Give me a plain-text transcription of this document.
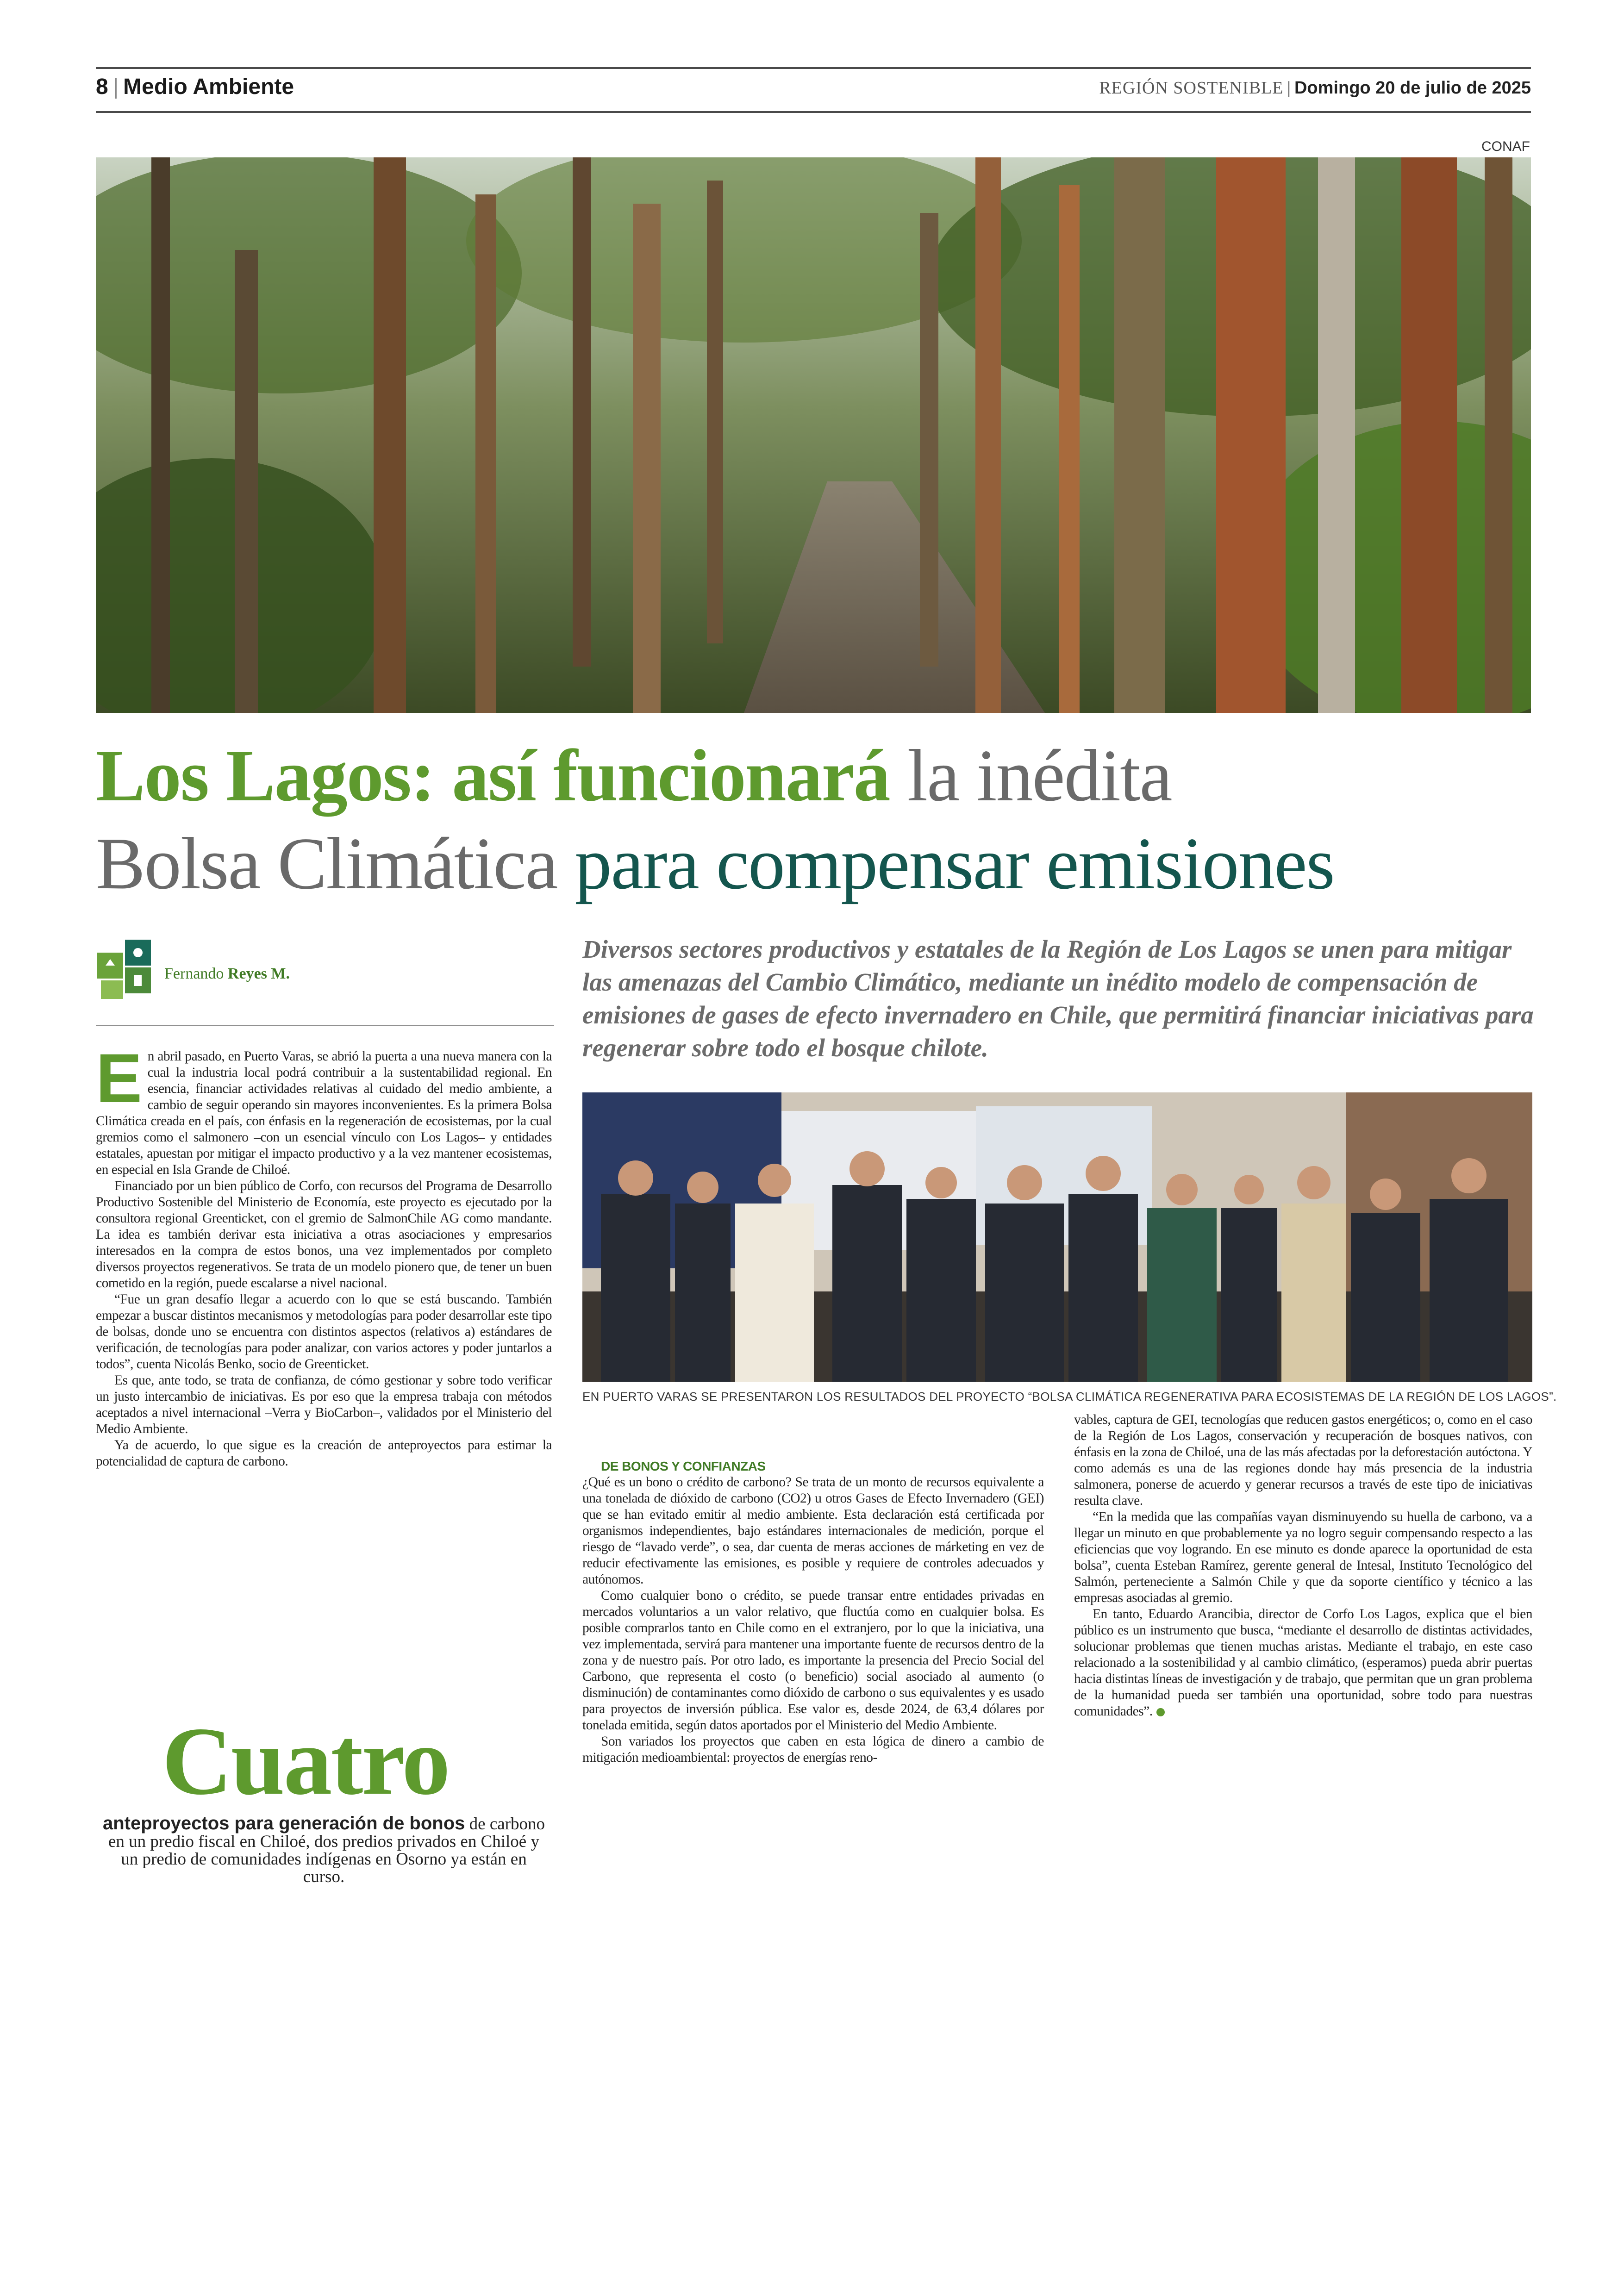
8 | Medio Ambiente	REGIÓN SOSTENIBLE | Domingo 20 de julio de 2025
CONAF
Los Lagos: así funcionará la inédita
Bolsa Climática para compensar emisiones
Fernando Reyes M.
Diversos sectores productivos y estatales de la Región de Los Lagos se unen para mitigar las amenazas del Cambio Climático, mediante un inédito modelo de compensación de emisiones de gases de efecto invernadero en Chile, que permitirá financiar iniciativas para regenerar sobre todo el bosque chilote.

En abril pasado, en Puerto Varas, se abrió la puerta a una nueva manera con la cual la industria local podrá contribuir a la sustentabilidad regional. En esencia, financiar actividades relativas al cuidado del medio ambiente, a cambio de seguir operando sin mayores inconvenientes. Es la primera Bolsa Climática creada en el país, con énfasis en la regeneración de ecosistemas, por la cual gremios como el salmonero –con un esencial vínculo con Los Lagos– y entidades estatales, apuestan por mitigar el impacto productivo y a la vez mantener ecosistemas, en especial en Isla Grande de Chiloé.

Financiado por un bien público de Corfo, con recursos del Programa de Desarrollo Productivo Sostenible del Ministerio de Economía, este proyecto es ejecutado por la consultora regional Greenticket, con el gremio de SalmonChile AG como mandante. La idea es también derivar esta iniciativa a otras asociaciones y empresarios interesados en la compra de estos bonos, una vez implementados por completo diversos proyectos regenerativos. Se trata de un modelo pionero que, de tener un buen cometido en la región, puede escalarse a nivel nacional.

“Fue un gran desafío llegar a acuerdo con lo que se está buscando. También empezar a buscar distintos mecanismos y metodologías para poder desarrollar este tipo de bolsas, donde uno se encuentra con distintos aspectos (relativos a) estándares de verificación, de tecnologías para poder analizar, con varios actores y poder juntarlos a todos”, cuenta Nicolás Benko, socio de Greenticket.

Es que, ante todo, se trata de confianza, de cómo gestionar y sobre todo verificar un justo intercambio de iniciativas. Es por eso que la empresa trabaja con métodos aceptados a nivel internacional –Verra y BioCarbon–, validados por el Ministerio del Medio Ambiente.

Ya de acuerdo, lo que sigue es la creación de anteproyectos para estimar la potencialidad de captura de carbono.

Cuatro
anteproyectos para generación de bonos de carbono en un predio fiscal en Chiloé, dos predios privados en Chiloé y un predio de comunidades indígenas en Osorno ya están en curso.
EN PUERTO VARAS SE PRESENTARON LOS RESULTADOS DEL PROYECTO “BOLSA CLIMÁTICA REGENERATIVA PARA ECOSISTEMAS DE LA REGIÓN DE LOS LAGOS”.

DE BONOS Y CONFIANZAS

¿Qué es un bono o crédito de carbono? Se trata de un monto de recursos equivalente a una tonelada de dióxido de carbono (CO2) u otros Gases de Efecto Invernadero (GEI) que se han evitado emitir al medio ambiente. Esta declaración está certificada por organismos independientes, bajo estándares internacionales de medición, porque el riesgo de “lavado verde”, o sea, dar cuenta de meras acciones de márketing en vez de reducir efectivamente las emisiones, es posible y requiere de controles adecuados y autónomos.

Como cualquier bono o crédito, se puede transar entre entidades privadas en mercados voluntarios a un valor relativo, que fluctúa como en cualquier bolsa. Es posible comprarlos tanto en Chile como en el extranjero, por lo que la iniciativa, una vez implementada, servirá para mantener una importante fuente de recursos dentro de la zona y de nuestro país. Por otro lado, es importante la presencia del Precio Social del Carbono, que representa el costo (o beneficio) social asociado al aumento (o disminución) de contaminantes como dióxido de carbono o sus equivalentes y es usado para proyectos de inversión pública. Ese valor es, desde 2024, de 63,4 dólares por tonelada emitida, según datos aportados por el Ministerio del Medio Ambiente.

Son variados los proyectos que caben en esta lógica de dinero a cambio de mitigación medioambiental: proyectos de energías reno-

vables, captura de GEI, tecnologías que reducen gastos energéticos; o, como en el caso de la Región de Los Lagos, conservación y recuperación de bosques nativos, con énfasis en la zona de Chiloé, una de las más afectadas por la deforestación autóctona. Y como además es una de las regiones donde hay más presencia de la industria salmonera, ponerse de acuerdo y generar recursos a través de este tipo de iniciativas resulta clave.

“En la medida que las compañías vayan disminuyendo su huella de carbono, va a llegar un minuto en que probablemente ya no logro seguir compensando respecto a las eficiencias que voy logrando. En ese minuto es donde aparece la oportunidad de esta bolsa”, cuenta Esteban Ramírez, gerente general de Intesal, Instituto Tecnológico del Salmón, perteneciente a Salmón Chile y que da soporte científico y técnico a las empresas asociadas al gremio.

En tanto, Eduardo Arancibia, director de Corfo Los Lagos, explica que el bien público es un instrumento que busca, “mediante el desarrollo de distintas actividades, solucionar problemas que tienen muchas aristas. Mediante el trabajo, en este caso relacionado a la sostenibilidad y al cambio climático, (esperamos) pueda abrir puertas hacia distintas líneas de investigación y de trabajo, que permitan que un gran problema de la humanidad pueda ser también una oportunidad, sobre todo para nuestras comunidades”.
